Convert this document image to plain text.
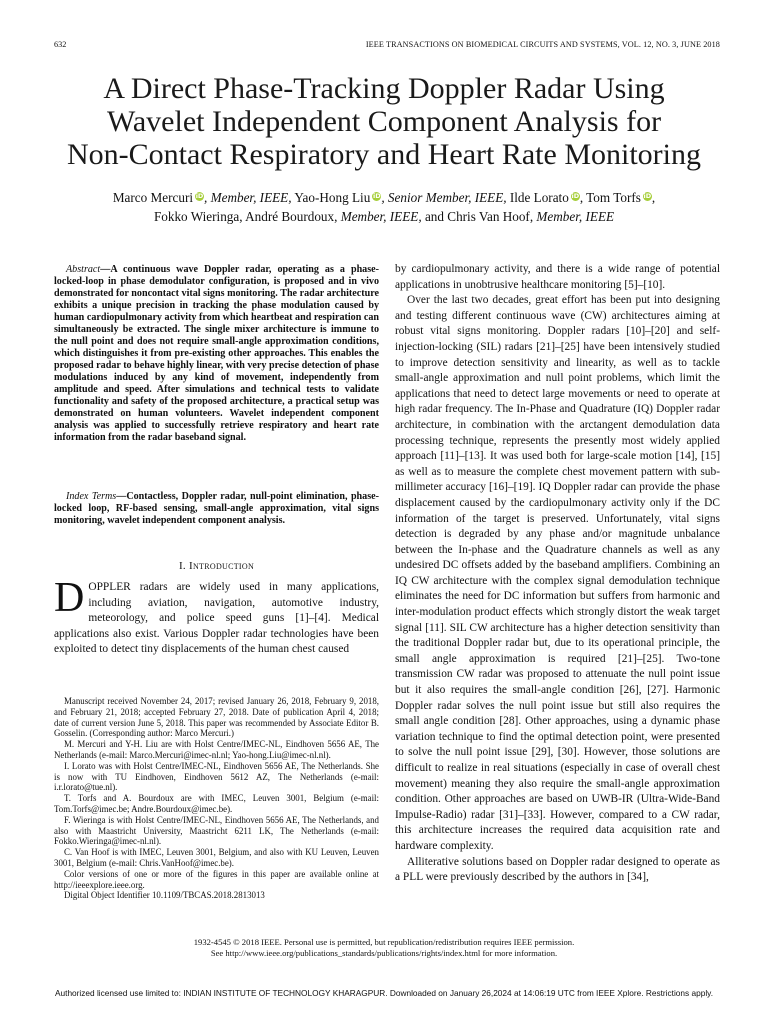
632	IEEE TRANSACTIONS ON BIOMEDICAL CIRCUITS AND SYSTEMS, VOL. 12, NO. 3, JUNE 2018
A Direct Phase-Tracking Doppler Radar Using
Wavelet Independent Component Analysis for
Non-Contact Respiratory and Heart Rate Monitoring
Marco Mercuri iD, Member, IEEE, Yao-Hong Liu iD, Senior Member, IEEE, Ilde Lorato iD, Tom Torfs iD,
Fokko Wieringa, André Bourdoux, Member, IEEE, and Chris Van Hoof, Member, IEEE
Abstract—A continuous wave Doppler radar, operating as a phase-locked-loop in phase demodulator configuration, is proposed and in vivo demonstrated for noncontact vital signs monitoring. The radar architecture exhibits a unique precision in tracking the phase modulation caused by human cardiopulmonary activity from which heartbeat and respiration can simultaneously be extracted. The single mixer architecture is immune to the null point and does not require small-angle approximation conditions, which distinguishes it from pre-existing other approaches. This enables the proposed radar to behave highly linear, with very precise detection of phase modulations induced by any kind of movement, independently from amplitude and speed. After simulations and technical tests to validate functionality and safety of the proposed architecture, a practical setup was demonstrated on human volunteers. Wavelet independent component analysis was applied to successfully retrieve respiratory and heart rate information from the radar baseband signal.
Index Terms—Contactless, Doppler radar, null-point elimination, phase-locked loop, RF-based sensing, small-angle approximation, vital signs monitoring, wavelet independent component analysis.
I. Introduction
DOPPLER radars are widely used in many applications, including aviation, navigation, automotive industry, meteorology, and police speed guns [1]–[4]. Medical applications also exist. Various Doppler radar technologies have been exploited to detect tiny displacements of the human chest caused

Manuscript received November 24, 2017; revised January 26, 2018, February 9, 2018, and February 21, 2018; accepted February 27, 2018. Date of publication April 4, 2018; date of current version June 5, 2018. This paper was recommended by Associate Editor B. Gosselin. (Corresponding author: Marco Mercuri.)

M. Mercuri and Y-H. Liu are with Holst Centre/IMEC-NL, Eindhoven 5656 AE, The Netherlands (e-mail: Marco.Mercuri@imec-nl.nl; Yao-hong.Liu@imec-nl.nl).

I. Lorato was with Holst Centre/IMEC-NL, Eindhoven 5656 AE, The Netherlands. She is now with TU Eindhoven, Eindhoven 5612 AZ, The Netherlands (e-mail: i.r.lorato@tue.nl).

T. Torfs and A. Bourdoux are with IMEC, Leuven 3001, Belgium (e-mail: Tom.Torfs@imec.be; Andre.Bourdoux@imec.be).

F. Wieringa is with Holst Centre/IMEC-NL, Eindhoven 5656 AE, The Netherlands, and also with Maastricht University, Maastricht 6211 LK, The Netherlands (e-mail: Fokko.Wieringa@imec-nl.nl).

C. Van Hoof is with IMEC, Leuven 3001, Belgium, and also with KU Leuven, Leuven 3001, Belgium (e-mail: Chris.VanHoof@imec.be).

Color versions of one or more of the figures in this paper are available online at http://ieeexplore.ieee.org.

Digital Object Identifier 10.1109/TBCAS.2018.2813013

by cardiopulmonary activity, and there is a wide range of potential applications in unobtrusive healthcare monitoring [5]–[10].

Over the last two decades, great effort has been put into designing and testing different continuous wave (CW) architectures aiming at robust vital signs monitoring. Doppler radars [10]–[20] and self-injection-locking (SIL) radars [21]–[25] have been intensively studied to improve detection sensitivity and linearity, as well as to tackle small-angle approximation and null point problems, which limit the applications that need to detect large movements or need to operate at high radar frequency. The In-Phase and Quadrature (IQ) Doppler radar architecture, in combination with the arctangent demodulation data processing technique, represents the presently most widely applied approach [11]–[13]. It was used both for large-scale motion [14], [15] as well as to measure the complete chest movement pattern with sub-millimeter accuracy [16]–[19]. IQ Doppler radar can provide the phase displacement caused by the cardiopulmonary activity only if the DC information of the target is preserved. Unfortunately, vital signs detection is degraded by any phase and/or magnitude unbalance between the In-phase and the Quadrature channels as well as any undesired DC offsets added by the baseband amplifiers. Combining an IQ CW architecture with the complex signal demodulation technique eliminates the need for DC information but suffers from harmonic and inter-modulation product effects which strongly distort the weak target signal [11]. SIL CW architecture has a higher detection sensitivity than the traditional Doppler radar but, due to its operational principle, the small angle approximation is required [21]–[25]. Two-tone transmission CW radar was proposed to attenuate the null point issue but it also requires the small-angle condition [26], [27]. Harmonic Doppler radar solves the null point issue but still also requires the small angle condition [28]. Other approaches, using a dynamic phase variation technique to find the optimal detection point, were presented to solve the null point issue [29], [30]. However, those solutions are difficult to realize in real situations (especially in case of overall chest movement) meaning they also require the small-angle approximation condition. Other approaches are based on UWB-IR (Ultra-Wide-Band Impulse-Radio) radar [31]–[33]. However, compared to a CW radar, this architecture increases the required data acquisition rate and hardware complexity.

Alliterative solutions based on Doppler radar designed to operate as a PLL were previously described by the authors in [34],

1932-4545 © 2018 IEEE. Personal use is permitted, but republication/redistribution requires IEEE permission.
See http://www.ieee.org/publications_standards/publications/rights/index.html for more information.
Authorized licensed use limited to: INDIAN INSTITUTE OF TECHNOLOGY KHARAGPUR. Downloaded on January 26,2024 at 14:06:19 UTC from IEEE Xplore. Restrictions apply.
